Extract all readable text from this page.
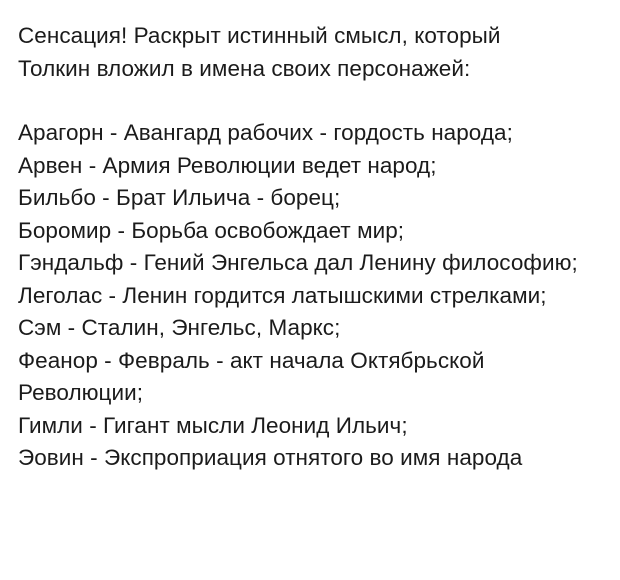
Сенсация! Раскрыт истинный смысл, который
Толкин вложил в имена своих персонажей:
Арагорн - Авангард рабочих - гордость народа;
Арвен - Армия Революции ведет народ;
Бильбо - Брат Ильича - борец;
Боромир - Борьба освобождает мир;
Гэндальф - Гений Энгельса дал Ленину философию;
Леголас - Ленин гордится латышскими стрелками;
Сэм - Сталин, Энгельс, Маркс;
Феанор - Февраль - акт начала Октябрьской Революции;
Гимли - Гигант мысли Леонид Ильич;
Эовин - Экспроприация отнятого во имя народа
